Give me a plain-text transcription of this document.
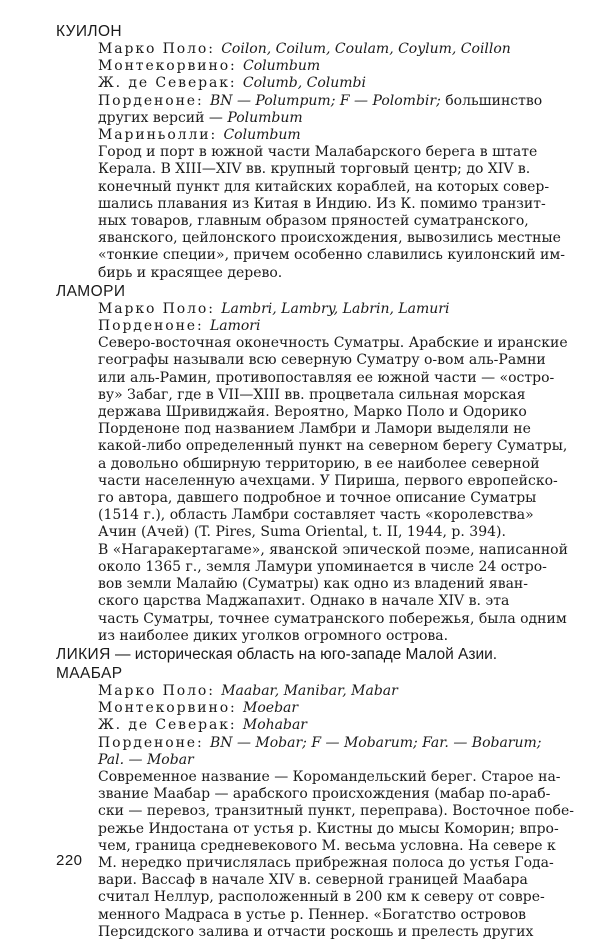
КУИЛОН

Марко Поло: Coilon, Coilum, Coulam, Coylum, Coillon

Монтекорвино: Columbum

Ж. де Северак: Columb, Columbi

Порденоне: BN — Polumpum; F — Polombir; большинство

других версий — Polumbum

Мариньолли: Columbum

Город и порт в южной части Малабарского берега в штате
Керала. В XIII—XIV вв. крупный торговый центр; до XIV в.
конечный пункт для китайских кораблей, на которых совер-
шались плавания из Китая в Индию. Из К. помимо транзит-
ных товаров, главным образом пряностей суматранского,
яванского, цейлонского происхождения, вывозились местные
«тонкие специи», причем особенно славились куилонский им-
бирь и красящее дерево.

ЛАМОРИ

Марко Поло: Lambri, Lambry, Labrin, Lamuri

Порденоне: Lamori

Северо-восточная оконечность Суматры. Арабские и иранские
географы называли всю северную Суматру о-вом аль-Рамни
или аль-Рамин, противопоставляя ее южной части — «остро-
ву» Забаг, где в VII—XIII вв. процветала сильная морская
держава Шривиджайя. Вероятно, Марко Поло и Одорико
Порденоне под названием Ламбри и Ламори выделяли не
какой-либо определенный пункт на северном берегу Суматры,
а довольно обширную территорию, в ее наиболее северной
части населенную ачехцами. У Пириша, первого европейско-
го автора, давшего подробное и точное описание Суматры
(1514 г.), область Ламбри составляет часть «королевства»
Ачин (Ачей) (T. Pires, Suma Oriental, t. II, 1944, p. 394).
В «Нагаракертагаме», яванской эпической поэме, написанной
около 1365 г., земля Ламури упоминается в числе 24 остро-
вов земли Малайю (Суматры) как одно из владений яван-
ского царства Маджапахит. Однако в начале XIV в. эта
часть Суматры, точнее суматранского побережья, была одним
из наиболее диких уголков огромного острова.

ЛИКИЯ — историческая область на юго-западе Малой Азии.

МААБАР

Марко Поло: Maabar, Manibar, Mabar

Монтекорвино: Moebar

Ж. де Северак: Mohabar

Порденоне: BN — Mobar; F — Mobarum; Far. — Bobarum;

Pal. — Mobar

Современное название — Коромандельский берег. Старое на-
звание Маабар — арабского происхождения (мабар по-араб-
ски — перевоз, транзитный пункт, переправа). Восточное побе-
режье Индостана от устья р. Кистны до мысы Коморин; впро-
чем, граница средневекового М. весьма условна. На севере к
М. нередко причислялась прибрежная полоса до устья Года-
вари. Вассаф в начале XIV в. северной границей Маабара
считал Неллур, расположенный в 200 км к северу от совре-
менного Мадраса в устье р. Пеннер. «Богатство островов
Персидского залива и отчасти роскошь и прелесть других

220
